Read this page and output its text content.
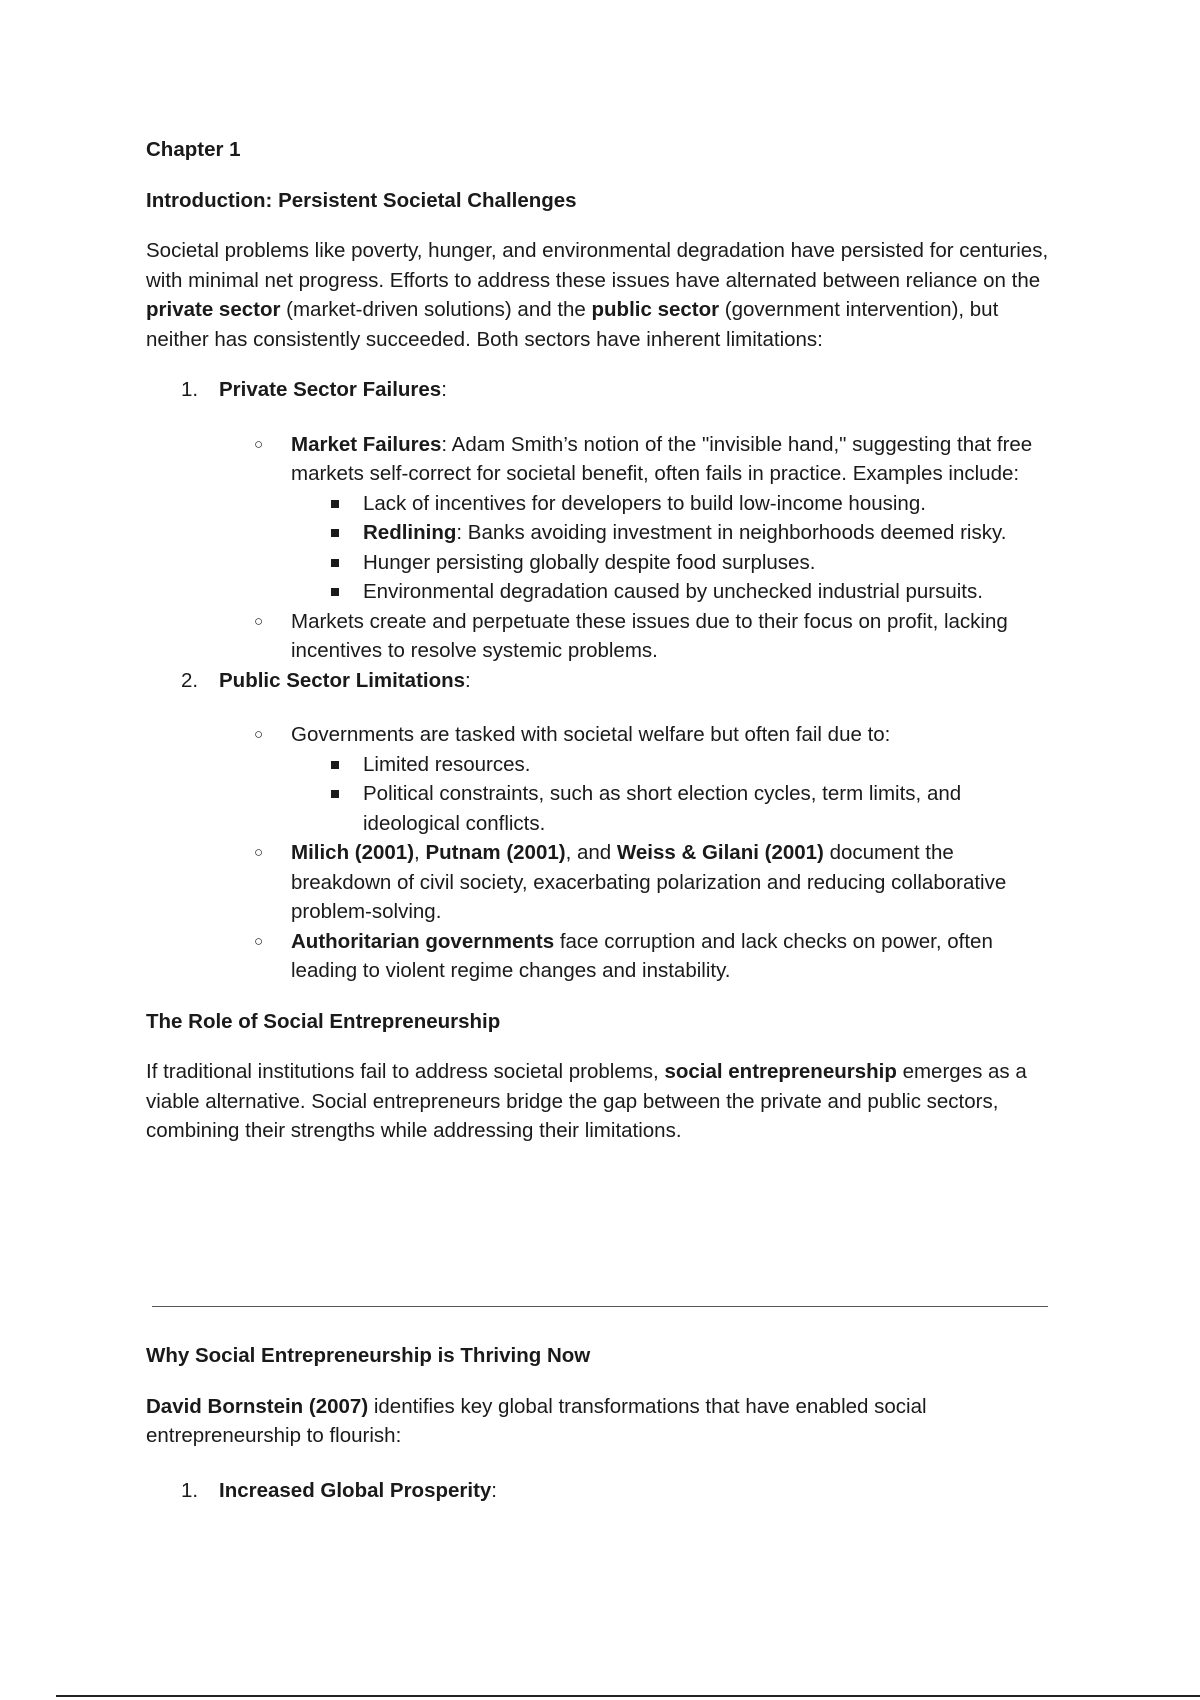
Chapter 1

Introduction: Persistent Societal Challenges

Societal problems like poverty, hunger, and environmental degradation have persisted for centuries, with minimal net progress. Efforts to address these issues have alternated between reliance on the private sector (market-driven solutions) and the public sector (government intervention), but neither has consistently succeeded. Both sectors have inherent limitations:

1. Private Sector Failures:
○ Market Failures: Adam Smith’s notion of the "invisible hand," suggesting that free markets self-correct for societal benefit, often fails in practice. Examples include:
Lack of incentives for developers to build low-income housing.
Redlining: Banks avoiding investment in neighborhoods deemed risky.
Hunger persisting globally despite food surpluses.
Environmental degradation caused by unchecked industrial pursuits.
○ Markets create and perpetuate these issues due to their focus on profit, lacking incentives to resolve systemic problems.
2. Public Sector Limitations:
○ Governments are tasked with societal welfare but often fail due to:
Limited resources.
Political constraints, such as short election cycles, term limits, and ideological conflicts.
○ Milich (2001), Putnam (2001), and Weiss & Gilani (2001) document the breakdown of civil society, exacerbating polarization and reducing collaborative problem-solving.
○ Authoritarian governments face corruption and lack checks on power, often leading to violent regime changes and instability.

The Role of Social Entrepreneurship

If traditional institutions fail to address societal problems, social entrepreneurship emerges as a viable alternative. Social entrepreneurs bridge the gap between the private and public sectors, combining their strengths while addressing their limitations.

Why Social Entrepreneurship is Thriving Now

David Bornstein (2007) identifies key global transformations that have enabled social entrepreneurship to flourish:

1. Increased Global Prosperity:
